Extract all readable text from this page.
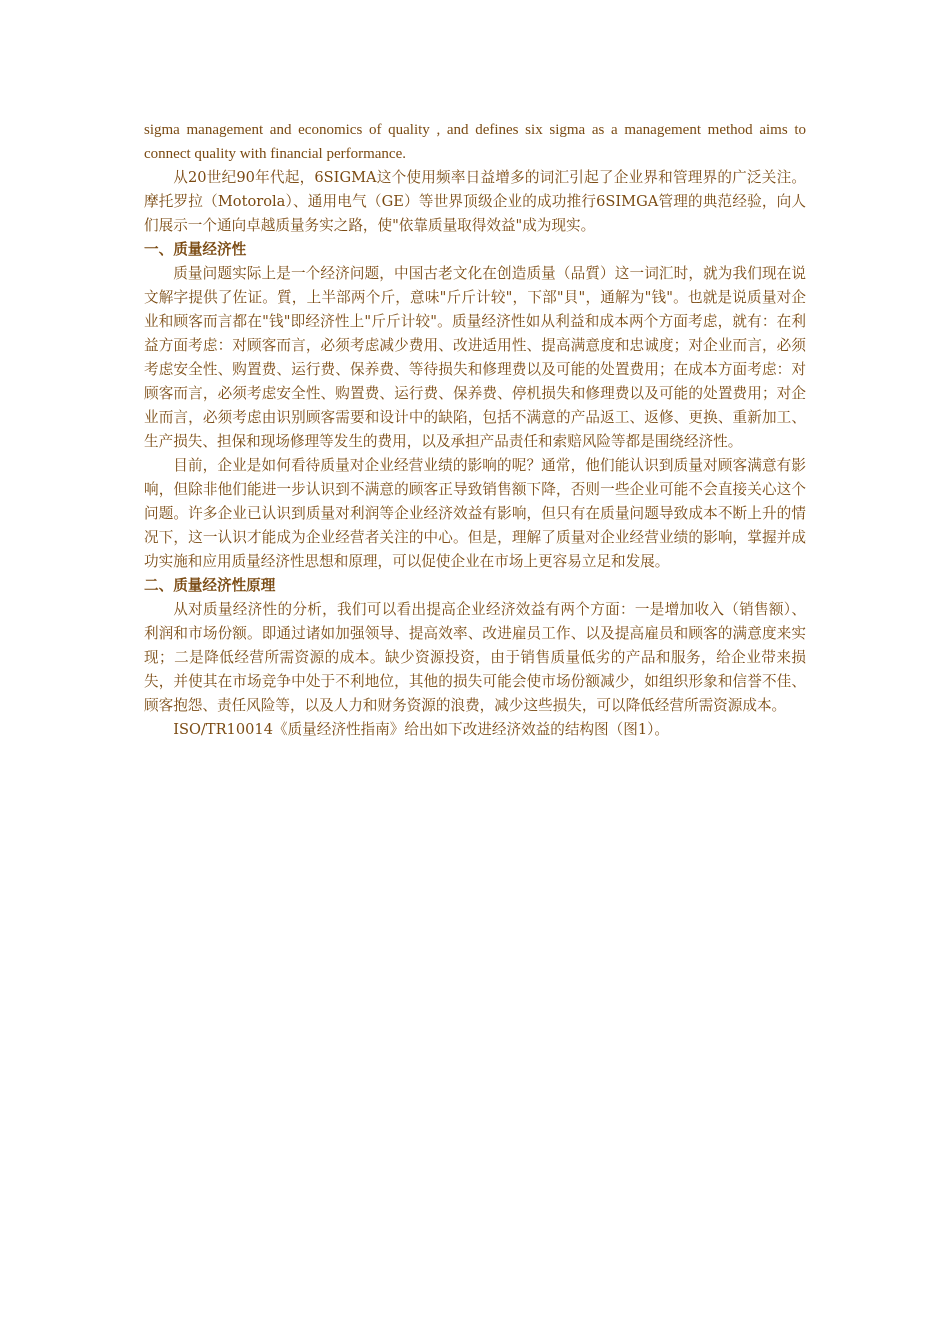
sigma management and economics of quality , and defines six sigma as a management method aims to connect quality with financial performance.

从20世纪90年代起，6SIGMA这个使用频率日益增多的词汇引起了企业界和管理界的广泛关注。摩托罗拉（Motorola）、通用电气（GE）等世界顶级企业的成功推行6SIMGA管理的典范经验，向人们展示一个通向卓越质量务实之路，使"依靠质量取得效益"成为现实。

一、质量经济性

质量问题实际上是一个经济问题，中国古老文化在创造质量（品質）这一词汇时，就为我们现在说文解字提供了佐证。質，上半部两个斤，意味"斤斤计较"，下部"貝"，通解为"钱"。也就是说质量对企业和顾客而言都在"钱"即经济性上"斤斤计较"。质量经济性如从利益和成本两个方面考虑，就有：在利益方面考虑：对顾客而言，必须考虑减少费用、改进适用性、提高满意度和忠诚度；对企业而言，必须考虑安全性、购置费、运行费、保养费、等待损失和修理费以及可能的处置费用；在成本方面考虑：对顾客而言，必须考虑安全性、购置费、运行费、保养费、停机损失和修理费以及可能的处置费用；对企业而言，必须考虑由识别顾客需要和设计中的缺陷，包括不满意的产品返工、返修、更换、重新加工、生产损失、担保和现场修理等发生的费用，以及承担产品责任和索赔风险等都是围绕经济性。

目前，企业是如何看待质量对企业经营业绩的影响的呢？通常，他们能认识到质量对顾客满意有影响，但除非他们能进一步认识到不满意的顾客正导致销售额下降，否则一些企业可能不会直接关心这个问题。许多企业已认识到质量对利润等企业经济效益有影响，但只有在质量问题导致成本不断上升的情况下，这一认识才能成为企业经营者关注的中心。但是，理解了质量对企业经营业绩的影响，掌握并成功实施和应用质量经济性思想和原理，可以促使企业在市场上更容易立足和发展。

二、质量经济性原理

从对质量经济性的分析，我们可以看出提高企业经济效益有两个方面：一是增加收入（销售额）、利润和市场份额。即通过诸如加强领导、提高效率、改进雇员工作、以及提高雇员和顾客的满意度来实现；二是降低经营所需资源的成本。缺少资源投资，由于销售质量低劣的产品和服务，给企业带来损失，并使其在市场竞争中处于不利地位，其他的损失可能会使市场份额减少，如组织形象和信誉不佳、顾客抱怨、责任风险等，以及人力和财务资源的浪费，减少这些损失，可以降低经营所需资源成本。

ISO/TR10014《质量经济性指南》给出如下改进经济效益的结构图（图1）。
